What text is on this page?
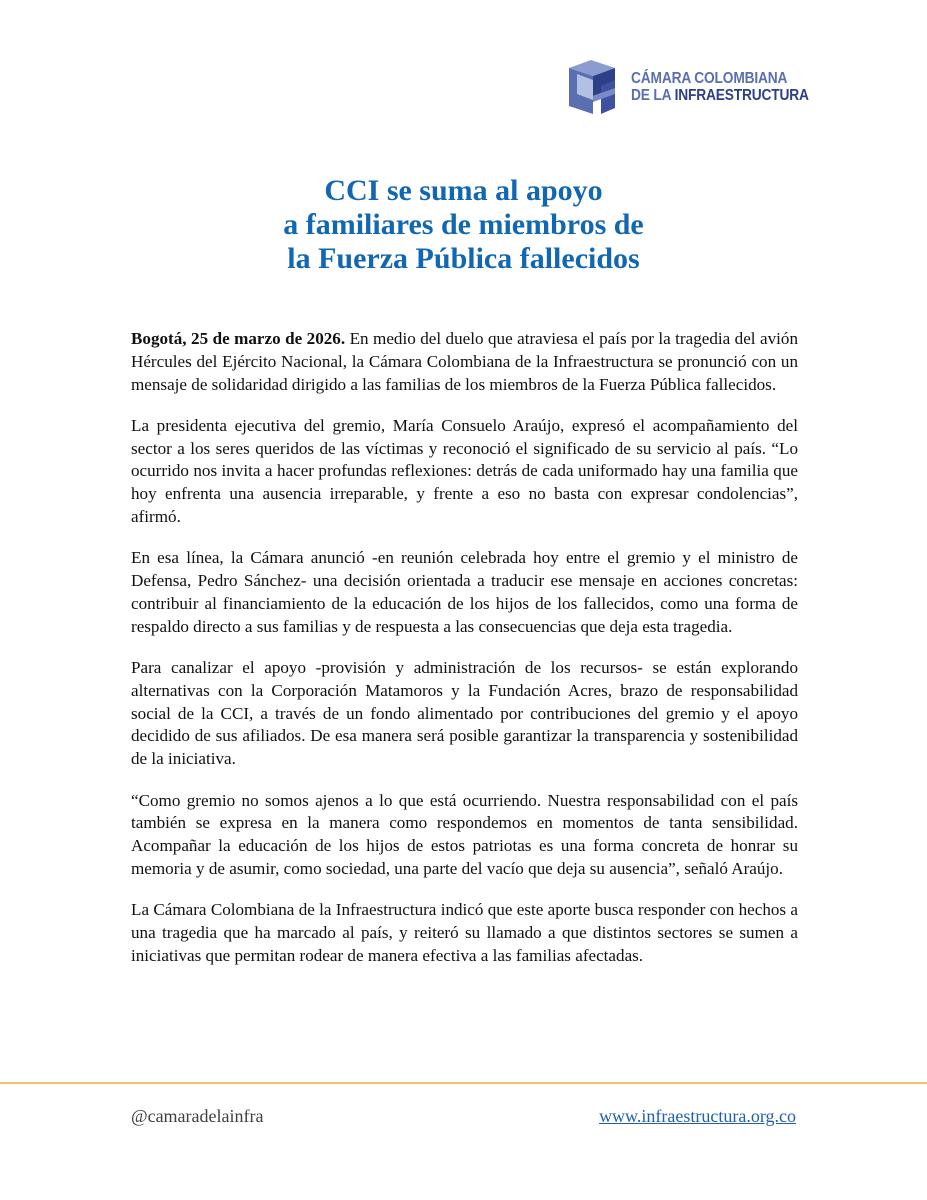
CÁMARA COLOMBIANA
DE LA INFRAESTRUCTURA
CCI se suma al apoyo
a familiares de miembros de
la Fuerza Pública fallecidos

Bogotá, 25 de marzo de 2026. En medio del duelo que atraviesa el país por la tragedia del avión Hércules del Ejército Nacional, la Cámara Colombiana de la Infraestructura se pronunció con un mensaje de solidaridad dirigido a las familias de los miembros de la Fuerza Pública fallecidos.

La presidenta ejecutiva del gremio, María Consuelo Araújo, expresó el acompañamiento del sector a los seres queridos de las víctimas y reconoció el significado de su servicio al país. “Lo ocurrido nos invita a hacer profundas reflexiones: detrás de cada uniformado hay una familia que hoy enfrenta una ausencia irreparable, y frente a eso no basta con expresar condolencias”, afirmó.

En esa línea, la Cámara anunció -en reunión celebrada hoy entre el gremio y el ministro de Defensa, Pedro Sánchez- una decisión orientada a traducir ese mensaje en acciones concretas: contribuir al financiamiento de la educación de los hijos de los fallecidos, como una forma de respaldo directo a sus familias y de respuesta a las consecuencias que deja esta tragedia.

Para canalizar el apoyo -provisión y administración de los recursos- se están explorando alternativas con la Corporación Matamoros y la Fundación Acres, brazo de responsabilidad social de la CCI, a través de un fondo alimentado por contribuciones del gremio y el apoyo decidido de sus afiliados. De esa manera será posible garantizar la transparencia y sostenibilidad de la iniciativa.

“Como gremio no somos ajenos a lo que está ocurriendo. Nuestra responsabilidad con el país también se expresa en la manera como respondemos en momentos de tanta sensibilidad. Acompañar la educación de los hijos de estos patriotas es una forma concreta de honrar su memoria y de asumir, como sociedad, una parte del vacío que deja su ausencia”, señaló Araújo.

La Cámara Colombiana de la Infraestructura indicó que este aporte busca responder con hechos a una tragedia que ha marcado al país, y reiteró su llamado a que distintos sectores se sumen a iniciativas que permitan rodear de manera efectiva a las familias afectadas.

@camaradelainfra	www.infraestructura.org.co
